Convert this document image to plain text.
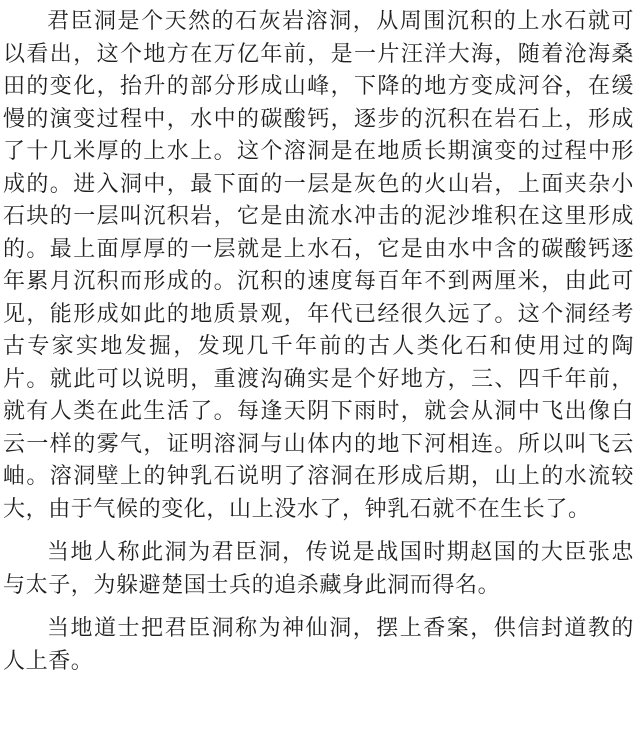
君臣洞是个天然的石灰岩溶洞，从周围沉积的上水石就可以看出，这个地方在万亿年前，是一片汪洋大海，随着沧海桑田的变化，抬升的部分形成山峰，下降的地方变成河谷，在缓慢的演变过程中，水中的碳酸钙，逐步的沉积在岩石上，形成了十几米厚的上水上。这个溶洞是在地质长期演变的过程中形成的。进入洞中，最下面的一层是灰色的火山岩，上面夹杂小石块的一层叫沉积岩，它是由流水冲击的泥沙堆积在这里形成的。最上面厚厚的一层就是上水石，它是由水中含的碳酸钙逐年累月沉积而形成的。沉积的速度每百年不到两厘米，由此可见，能形成如此的地质景观，年代已经很久远了。这个洞经考古专家实地发掘，发现几千年前的古人类化石和使用过的陶片。就此可以说明，重渡沟确实是个好地方，三、四千年前，就有人类在此生活了。每逢天阴下雨时，就会从洞中飞出像白云一样的雾气，证明溶洞与山体内的地下河相连。所以叫飞云岫。溶洞壁上的钟乳石说明了溶洞在形成后期，山上的水流较大，由于气候的变化，山上没水了，钟乳石就不在生长了。

当地人称此洞为君臣洞，传说是战国时期赵国的大臣张忠与太子，为躲避楚国士兵的追杀藏身此洞而得名。

当地道士把君臣洞称为神仙洞，摆上香案，供信封道教的人上香。
